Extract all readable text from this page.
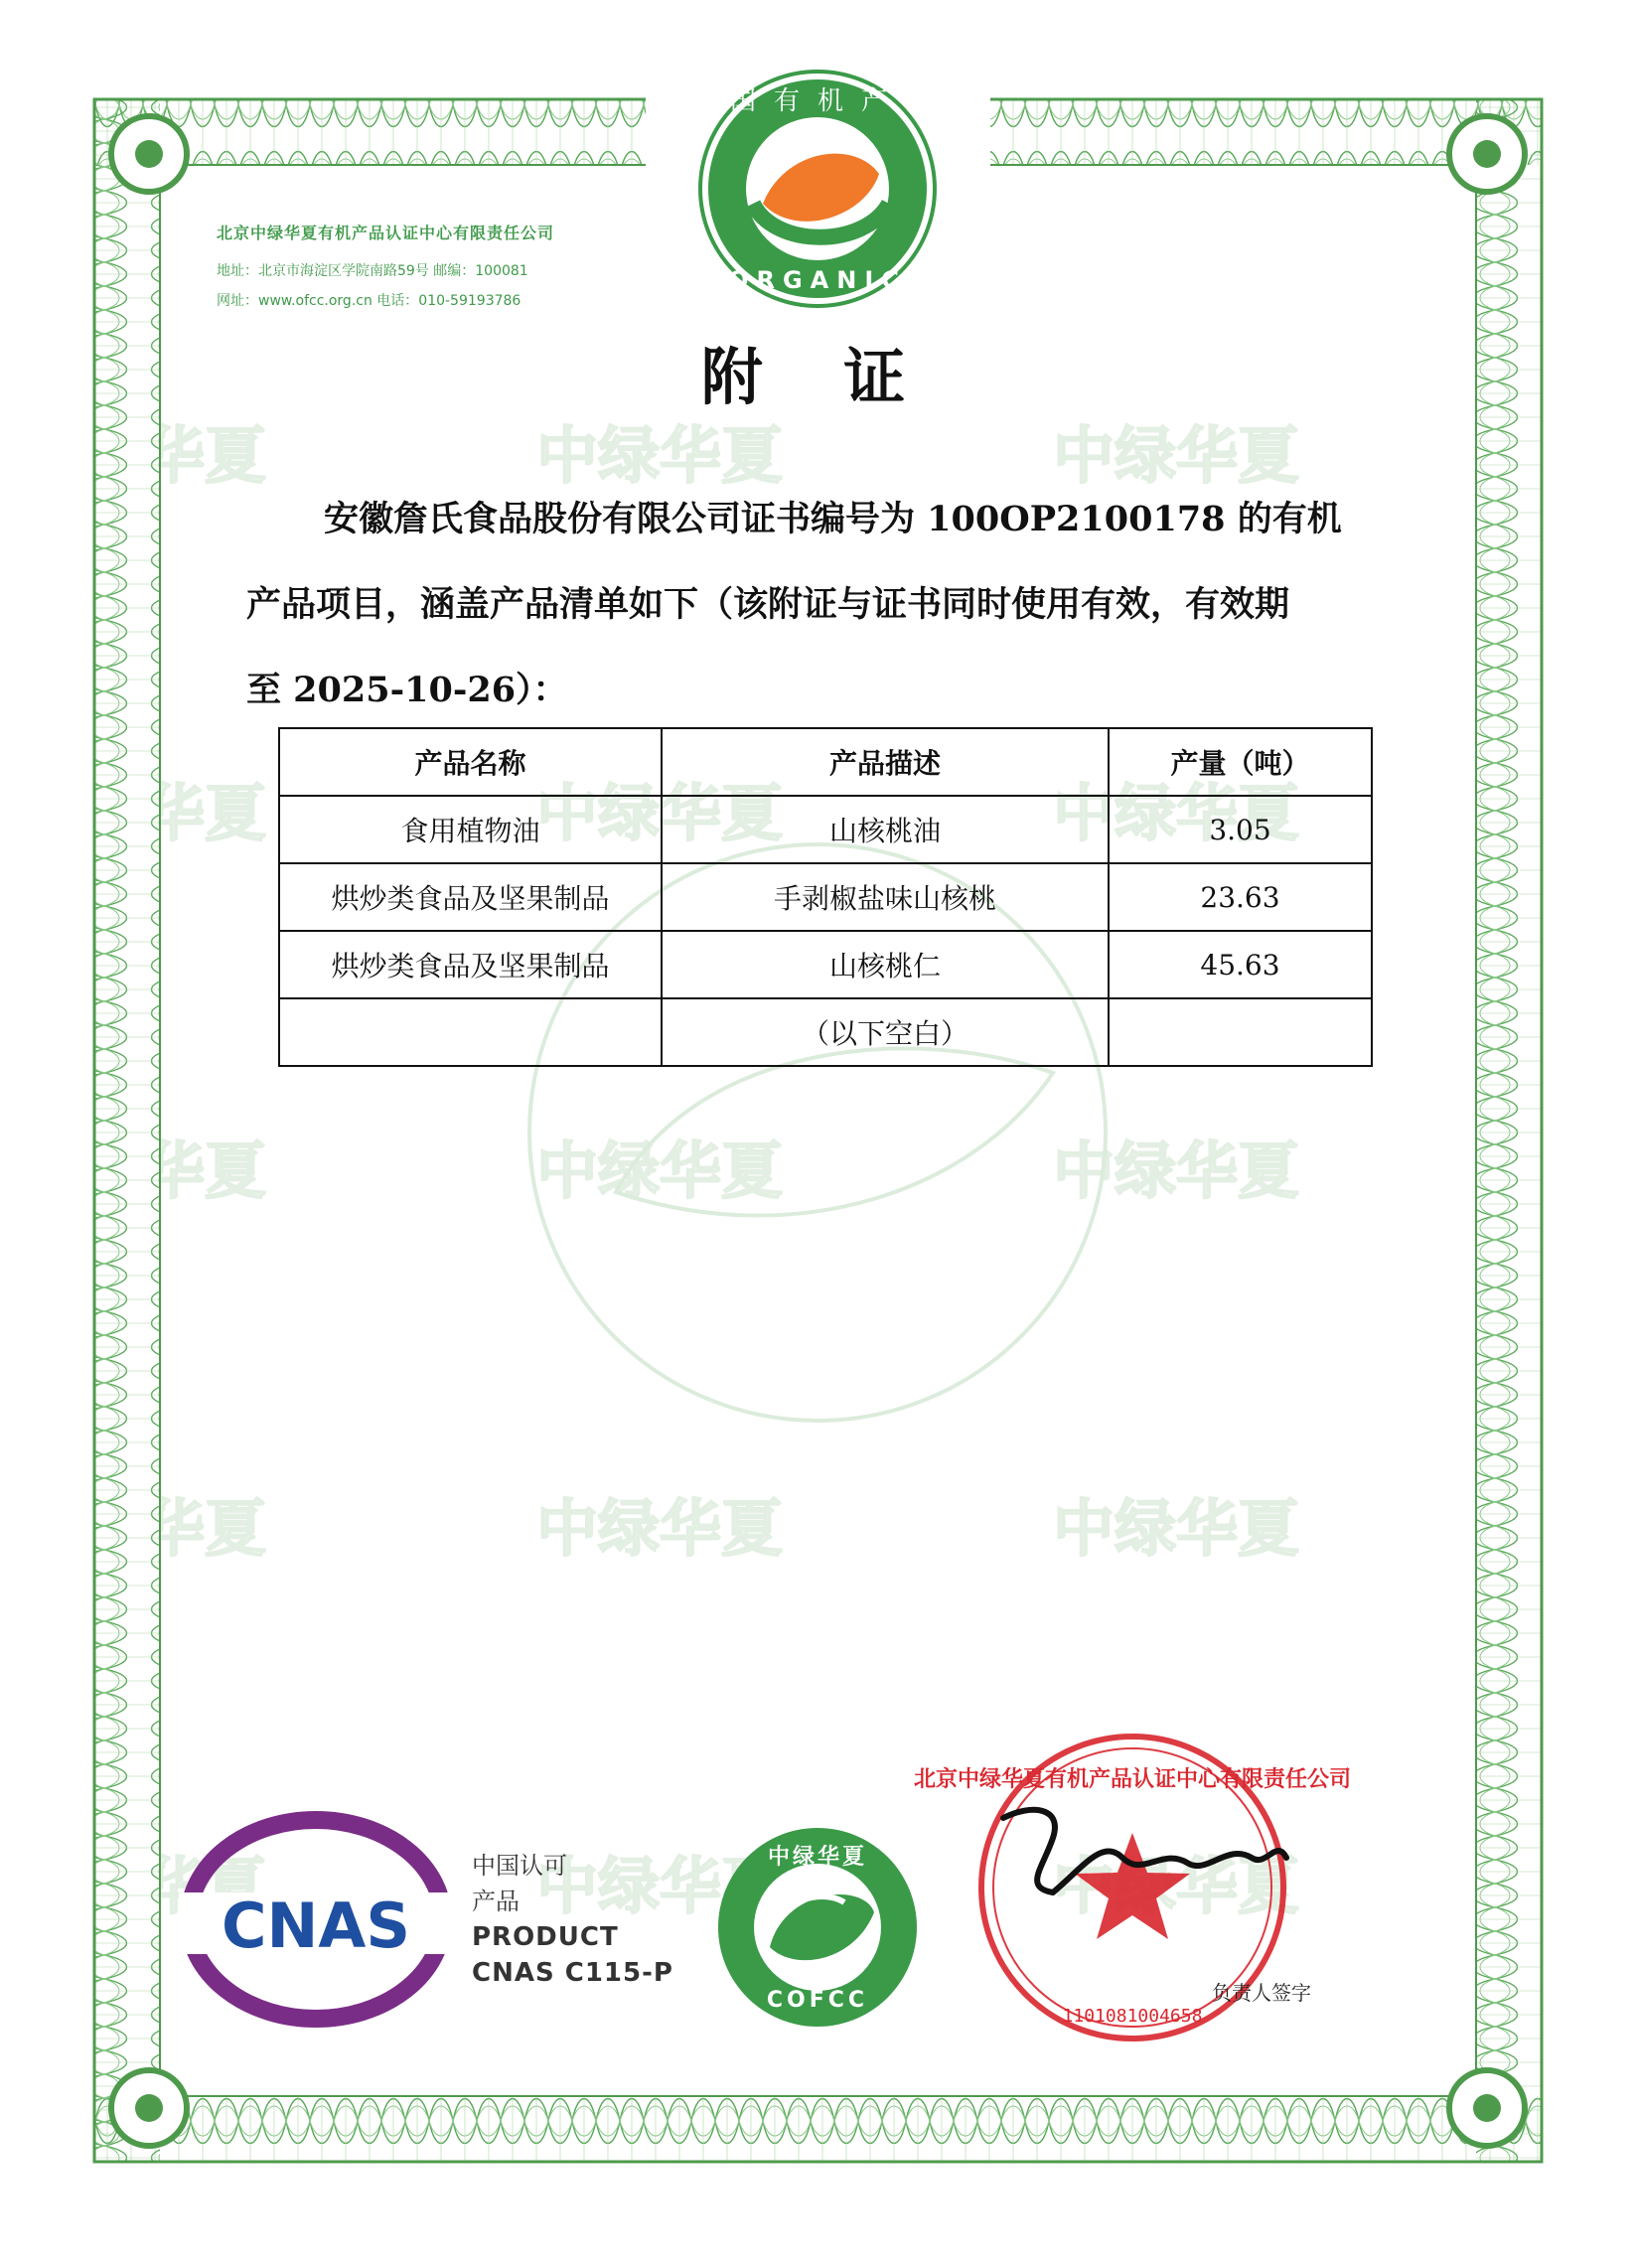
中国有机产品
ORGANIC
CNAS
中绿华夏
COFCC
北京中绿华夏有机产品认证中心有限责任公司
1101081004658
北京中绿华夏有机产品认证中心有限责任公司
地址：北京市海淀区学院南路59号 邮编：100081
网址：www.ofcc.org.cn 电话：010-59193786
附 证

安徽詹氏食品股份有限公司证书编号为 100OP2100178 的有机

产品项目，涵盖产品清单如下（该附证与证书同时使用有效，有效期

至 2025-10-26）：

产品名称	产品描述	产量（吨）
食用植物油	山核桃油	3.05
烘炒类食品及坚果制品	手剥椒盐味山核桃	23.63
烘炒类食品及坚果制品	山核桃仁	45.63
	（以下空白）	
中国认可
产品
PRODUCT
CNAS C115-P
负责人签字
